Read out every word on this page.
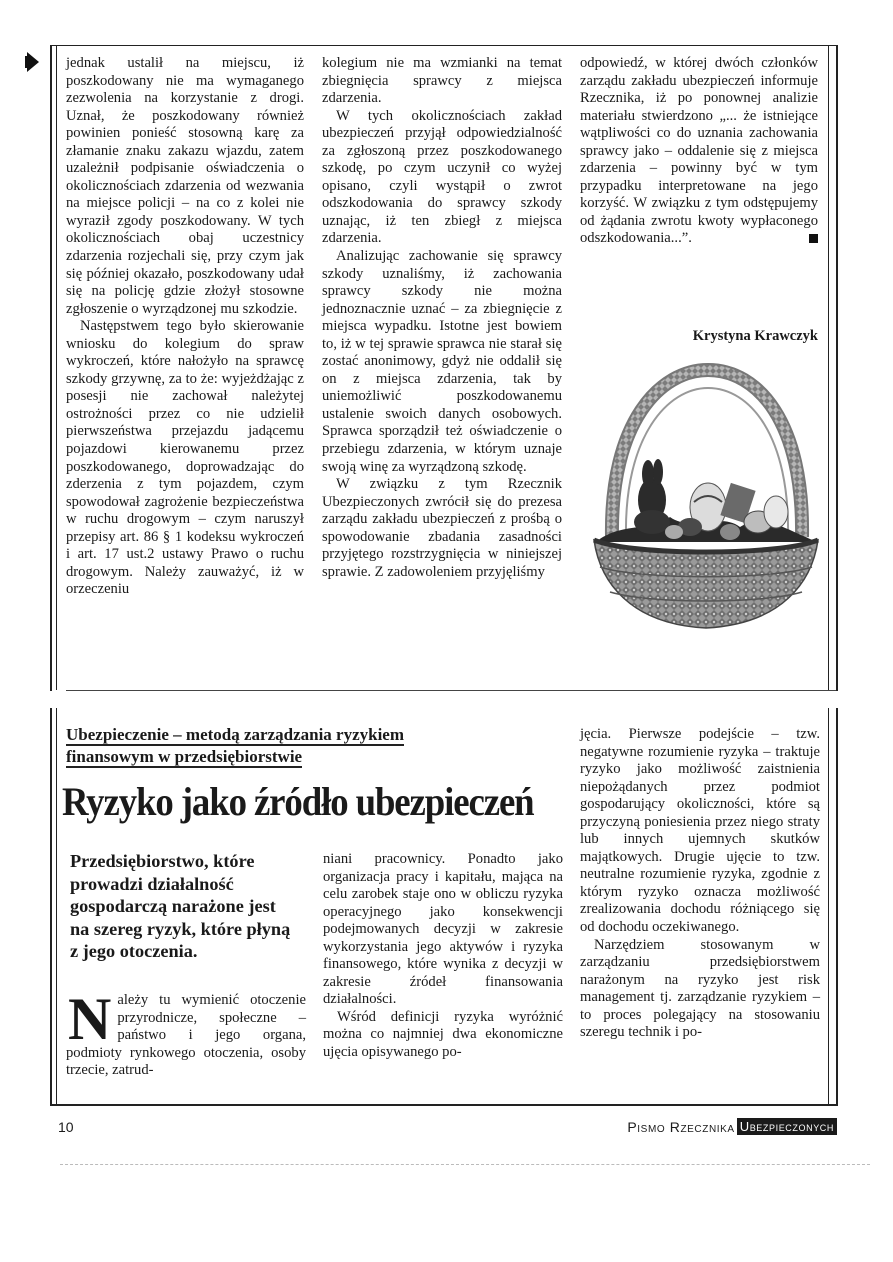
jednak ustalił na miejscu, iż poszkodowany nie ma wymaganego zezwolenia na korzystanie z drogi. Uznał, że poszkodowany również powinien ponieść stosowną karę za złamanie znaku zakazu wjazdu, zatem uzależnił podpisanie oświadczenia o okolicznościach zdarzenia od wezwania na miejsce policji – na co z kolei nie wyraził zgody poszkodowany. W tych okolicznościach obaj uczestnicy zdarzenia rozjechali się, przy czym jak się później okazało, poszkodowany udał się na policję gdzie złożył stosowne zgłoszenie o wyrządzonej mu szkodzie.

Następstwem tego było skierowanie wniosku do kolegium do spraw wykroczeń, które nałożyło na sprawcę szkody grzywnę, za to że: wyjeżdżając z posesji nie zachował należytej ostrożności przez co nie udzielił pierwszeństwa przejazdu jadącemu pojazdowi kierowanemu przez poszkodowanego, doprowadzając do zderzenia z tym pojazdem, czym spowodował zagrożenie bezpieczeństwa w ruchu drogowym – czym naruszył przepisy art. 86 § 1 kodeksu wykroczeń i art. 17 ust.2 ustawy Prawo o ruchu drogowym. Należy zauważyć, iż w orzeczeniu

kolegium nie ma wzmianki na temat zbiegnięcia sprawcy z miejsca zdarzenia.

W tych okolicznościach zakład ubezpieczeń przyjął odpowiedzialność za zgłoszoną przez poszkodowanego szkodę, po czym uczynił co wyżej opisano, czyli wystąpił o zwrot odszkodowania do sprawcy szkody uznając, iż ten zbiegł z miejsca zdarzenia.

Analizując zachowanie się sprawcy szkody uznaliśmy, iż zachowania sprawcy szkody nie można jednoznacznie uznać – za zbiegnięcie z miejsca wypadku. Istotne jest bowiem to, iż w tej sprawie sprawca nie starał się zostać anonimowy, gdyż nie oddalił się on z miejsca zdarzenia, tak by uniemożliwić poszkodowanemu ustalenie swoich danych osobowych. Sprawca sporządził też oświadczenie o przebiegu zdarzenia, w którym uznaje swoją winę za wyrządzoną szkodę.

W związku z tym Rzecznik Ubezpieczonych zwrócił się do prezesa zarządu zakładu ubezpieczeń z prośbą o spowodowanie zbadania zasadności przyjętego rozstrzygnięcia w niniejszej sprawie. Z zadowoleniem przyjęliśmy

odpowiedź, w której dwóch członków zarządu zakładu ubezpieczeń informuje Rzecznika, iż po ponownej analizie materiału stwierdzono „... że istniejące wątpliwości co do uznania zachowania sprawcy jako – oddalenie się z miejsca zdarzenia – powinny być w tym przypadku interpretowane na jego korzyść. W związku z tym odstępujemy od żądania zwrotu kwoty wypłaconego odszkodowania...”.

Krystyna Krawczyk
Ubezpieczenie – metodą zarządzania ryzykiem
finansowym w przedsiębiorstwie
Ryzyko jako źródło ubezpieczeń
Przedsiębiorstwo, które prowadzi działalność gospodarczą narażone jest na szereg ryzyk, które płyną z jego otoczenia.

Należy tu wymienić otoczenie przyrodnicze, społeczne – państwo i jego organa, podmioty rynkowego otoczenia, osoby trzecie, zatrud-

niani pracownicy. Ponadto jako organizacja pracy i kapitału, mająca na celu zarobek staje ono w obliczu ryzyka operacyjnego jako konsekwencji podejmowanych decyzji w zakresie wykorzystania jego aktywów i ryzyka finansowego, które wynika z decyzji w zakresie źródeł finansowania działalności.

Wśród definicji ryzyka wyróżnić można co najmniej dwa ekonomiczne ujęcia opisywanego po-

jęcia. Pierwsze podejście – tzw. negatywne rozumienie ryzyka – traktuje ryzyko jako możliwość zaistnienia niepożądanych przez podmiot gospodarujący okoliczności, które są przyczyną poniesienia przez niego straty lub innych ujemnych skutków majątkowych. Drugie ujęcie to tzw. neutralne rozumienie ryzyka, zgodnie z którym ryzyko oznacza możliwość zrealizowania dochodu różniącego się od dochodu oczekiwanego.

Narzędziem stosowanym w zarządzaniu przedsiębiorstwem narażonym na ryzyko jest risk management tj. zarządzanie ryzykiem – to proces polegający na stosowaniu szeregu technik i po-

10	Pismo Rzecznika Ubezpieczonych
